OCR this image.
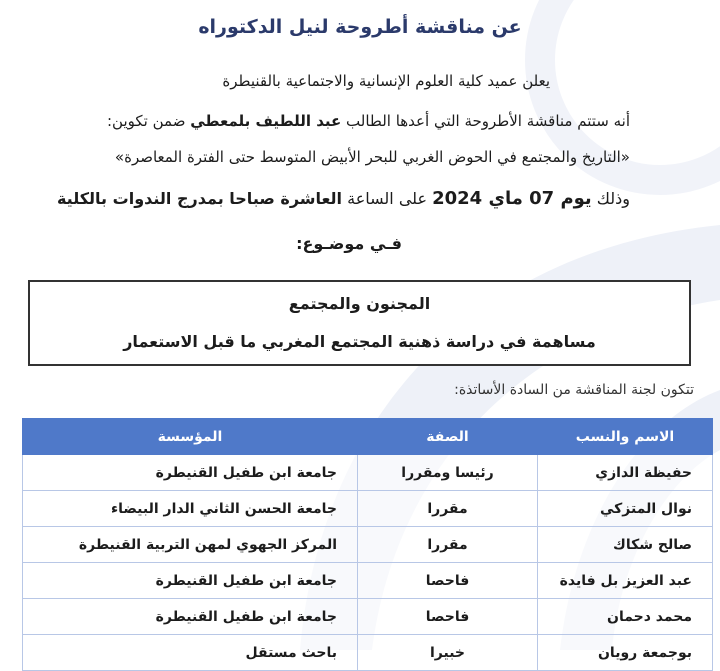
عن مناقشة أطروحة لنيل الدكتوراه
يعلن عميد كلية العلوم الإنسانية والاجتماعية بالقنيطرة
أنه ستتم مناقشة الأطروحة التي أعدها الطالب عبد اللطيف بلمعطي ضمن تكوين:
«التاريخ والمجتمع في الحوض الغربي للبحر الأبيض المتوسط حتى الفترة المعاصرة»
وذلك يوم 07 ماي 2024 على الساعة العاشرة صباحا بمدرج الندوات بالكلية
فـي موضـوع:
المجنون والمجتمع
مساهمة في دراسة ذهنية المجتمع المغربي ما قبل الاستعمار
تتكون لجنة المناقشة من السادة الأساتذة:
الاسم والنسب	الصفة	المؤسسة
حفيظة الدازي	رئيسا ومقررا	جامعة ابن طفيل القنيطرة
نوال المتزكي	مقررا	جامعة الحسن الثاني الدار البيضاء
صالح شكاك	مقررا	المركز الجهوي لمهن التربية القنيطرة
عبد العزيز بل فايدة	فاحصا	جامعة ابن طفيل القنيطرة
محمد دحمان	فاحصا	جامعة ابن طفيل القنيطرة
بوجمعة رويان	خبيرا	باحث مستقل
